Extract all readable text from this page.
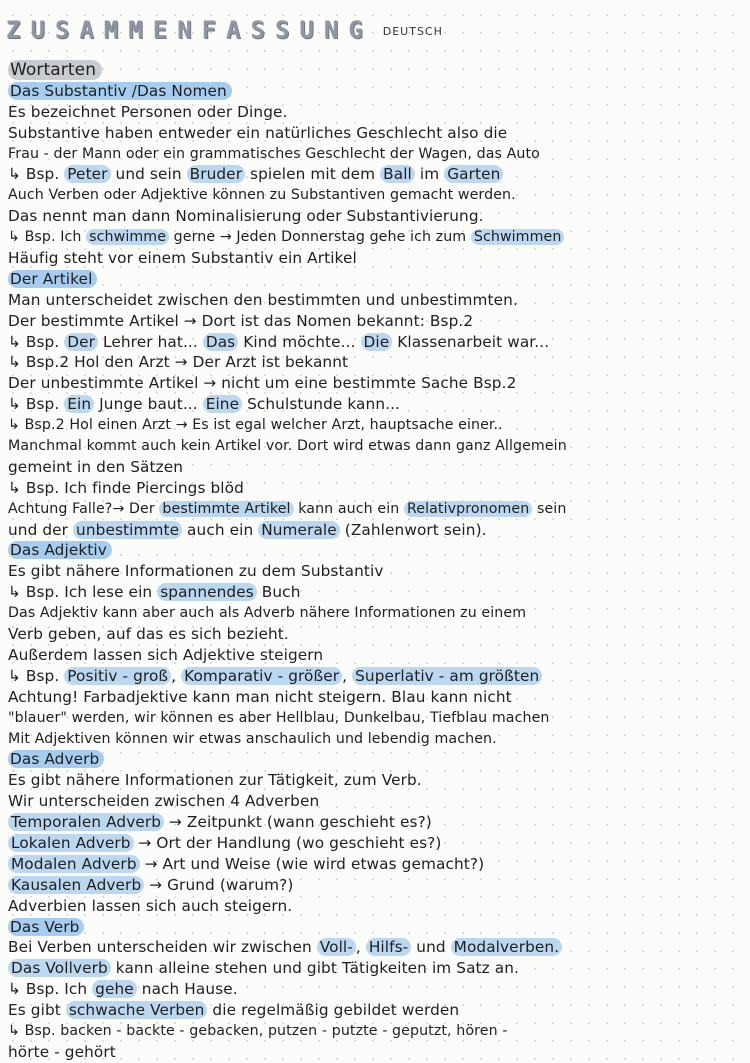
ZUSAMMENFASSUNG DEUTSCH
Wortarten
Das Substantiv /Das Nomen
Es bezeichnet Personen oder Dinge.
Substantive haben entweder ein natürliches Geschlecht also die
Frau - der Mann oder ein grammatisches Geschlecht der Wagen, das Auto
↳ Bsp. Peter und sein Bruder spielen mit dem Ball im Garten
Auch Verben oder Adjektive können zu Substantiven gemacht werden.
Das nennt man dann Nominalisierung oder Substantivierung.
↳ Bsp. Ich schwimme gerne → Jeden Donnerstag gehe ich zum Schwimmen
Häufig steht vor einem Substantiv ein Artikel
Der Artikel
Man unterscheidet zwischen den bestimmten und unbestimmten.
Der bestimmte Artikel → Dort ist das Nomen bekannt: Bsp.2
↳ Bsp. Der Lehrer hat... Das Kind möchte... Die Klassenarbeit war...
↳ Bsp.2 Hol den Arzt → Der Arzt ist bekannt
Der unbestimmte Artikel → nicht um eine bestimmte Sache Bsp.2
↳ Bsp. Ein Junge baut... Eine Schulstunde kann...
↳ Bsp.2 Hol einen Arzt → Es ist egal welcher Arzt, hauptsache einer..
Manchmal kommt auch kein Artikel vor. Dort wird etwas dann ganz Allgemein
gemeint in den Sätzen
↳ Bsp. Ich finde Piercings blöd
Achtung Falle?→ Der bestimmte Artikel kann auch ein Relativpronomen sein
und der unbestimmte auch ein Numerale (Zahlenwort sein).
Das Adjektiv
Es gibt nähere Informationen zu dem Substantiv
↳ Bsp. Ich lese ein spannendes Buch
Das Adjektiv kann aber auch als Adverb nähere Informationen zu einem
Verb geben, auf das es sich bezieht.
Außerdem lassen sich Adjektive steigern
↳ Bsp. Positiv - groß , Komparativ - größer , Superlativ - am größten
Achtung! Farbadjektive kann man nicht steigern. Blau kann nicht
"blauer" werden, wir können es aber Hellblau, Dunkelbau, Tiefblau machen
Mit Adjektiven können wir etwas anschaulich und lebendig machen.
Das Adverb
Es gibt nähere Informationen zur Tätigkeit, zum Verb.
Wir unterscheiden zwischen 4 Adverben
Temporalen Adverb → Zeitpunkt (wann geschieht es?)
Lokalen Adverb → Ort der Handlung (wo geschieht es?)
Modalen Adverb → Art und Weise (wie wird etwas gemacht?)
Kausalen Adverb → Grund (warum?)
Adverbien lassen sich auch steigern.
Das Verb
Bei Verben unterscheiden wir zwischen Voll- , Hilfs- und Modalverben.
Das Vollverb kann alleine stehen und gibt Tätigkeiten im Satz an.
↳ Bsp. Ich gehe nach Hause.
Es gibt schwache Verben die regelmäßig gebildet werden
↳ Bsp. backen - backte - gebacken, putzen - putzte - geputzt, hören -
hörte - gehört
